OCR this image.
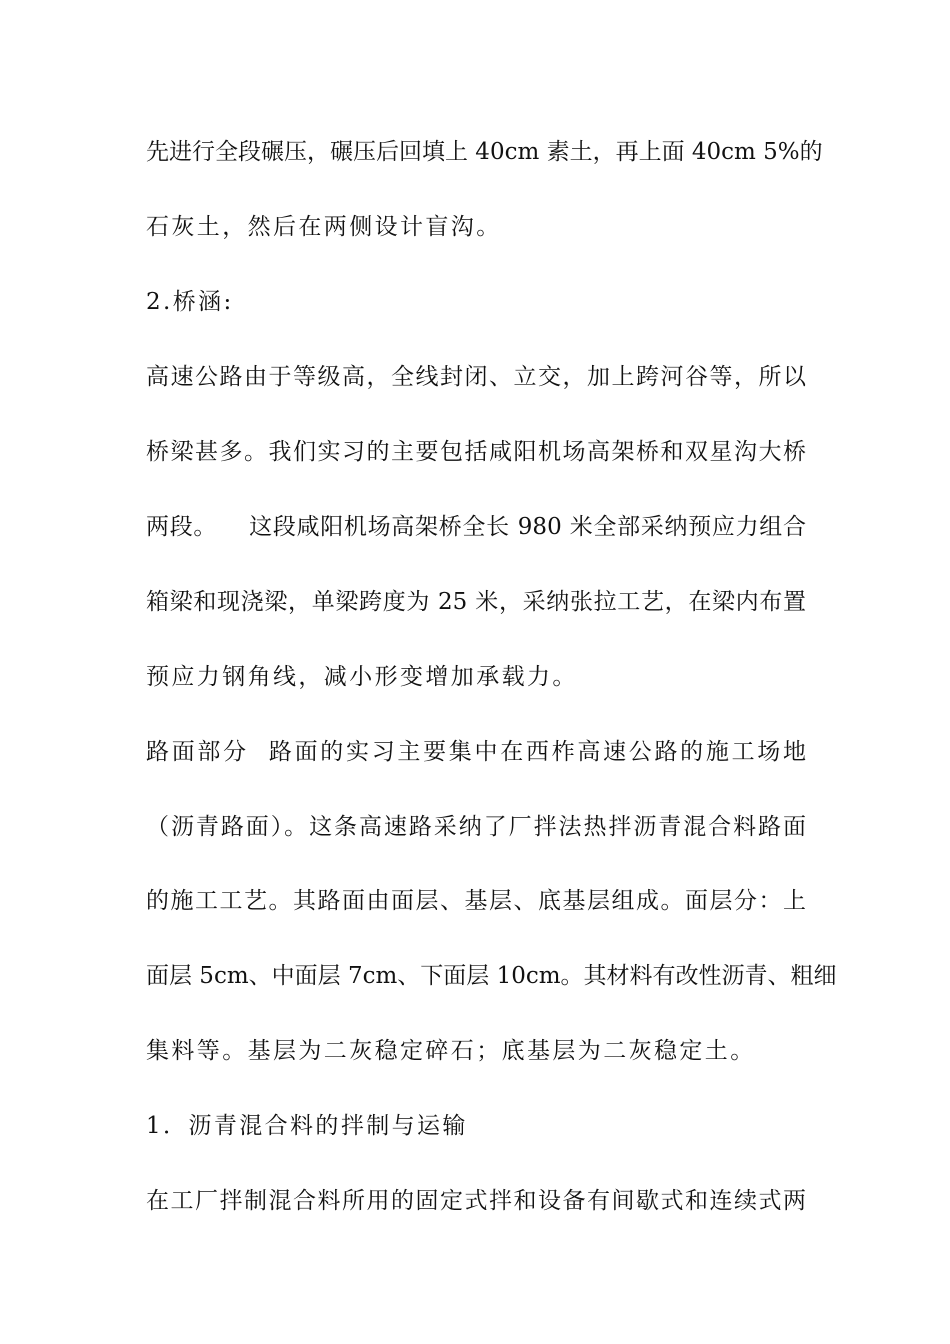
先进行全段碾压，碾压后回填上 40cm 素土，再上面 40cm 5%的
石灰土，然后在两侧设计盲沟。
2.桥涵:
高速公路由于等级高，全线封闭、立交，加上跨河谷等，所以
桥梁甚多。我们实习的主要包括咸阳机场高架桥和双星沟大桥
两段。    这段咸阳机场高架桥全长 980 米全部采纳预应力组合
箱梁和现浇梁，单梁跨度为 25 米，采纳张拉工艺，在梁内布置
预应力钢角线，减小形变增加承载力。
路面部分  路面的实习主要集中在西柞高速公路的施工场地
（沥青路面）。这条高速路采纳了厂拌法热拌沥青混合料路面
的施工工艺。其路面由面层、基层、底基层组成。面层分：上
面层 5cm、中面层 7cm、下面层 10cm。其材料有改性沥青、粗细
集料等。基层为二灰稳定碎石；底基层为二灰稳定土。
1．沥青混合料的拌制与运输
在工厂拌制混合料所用的固定式拌和设备有间歇式和连续式两
